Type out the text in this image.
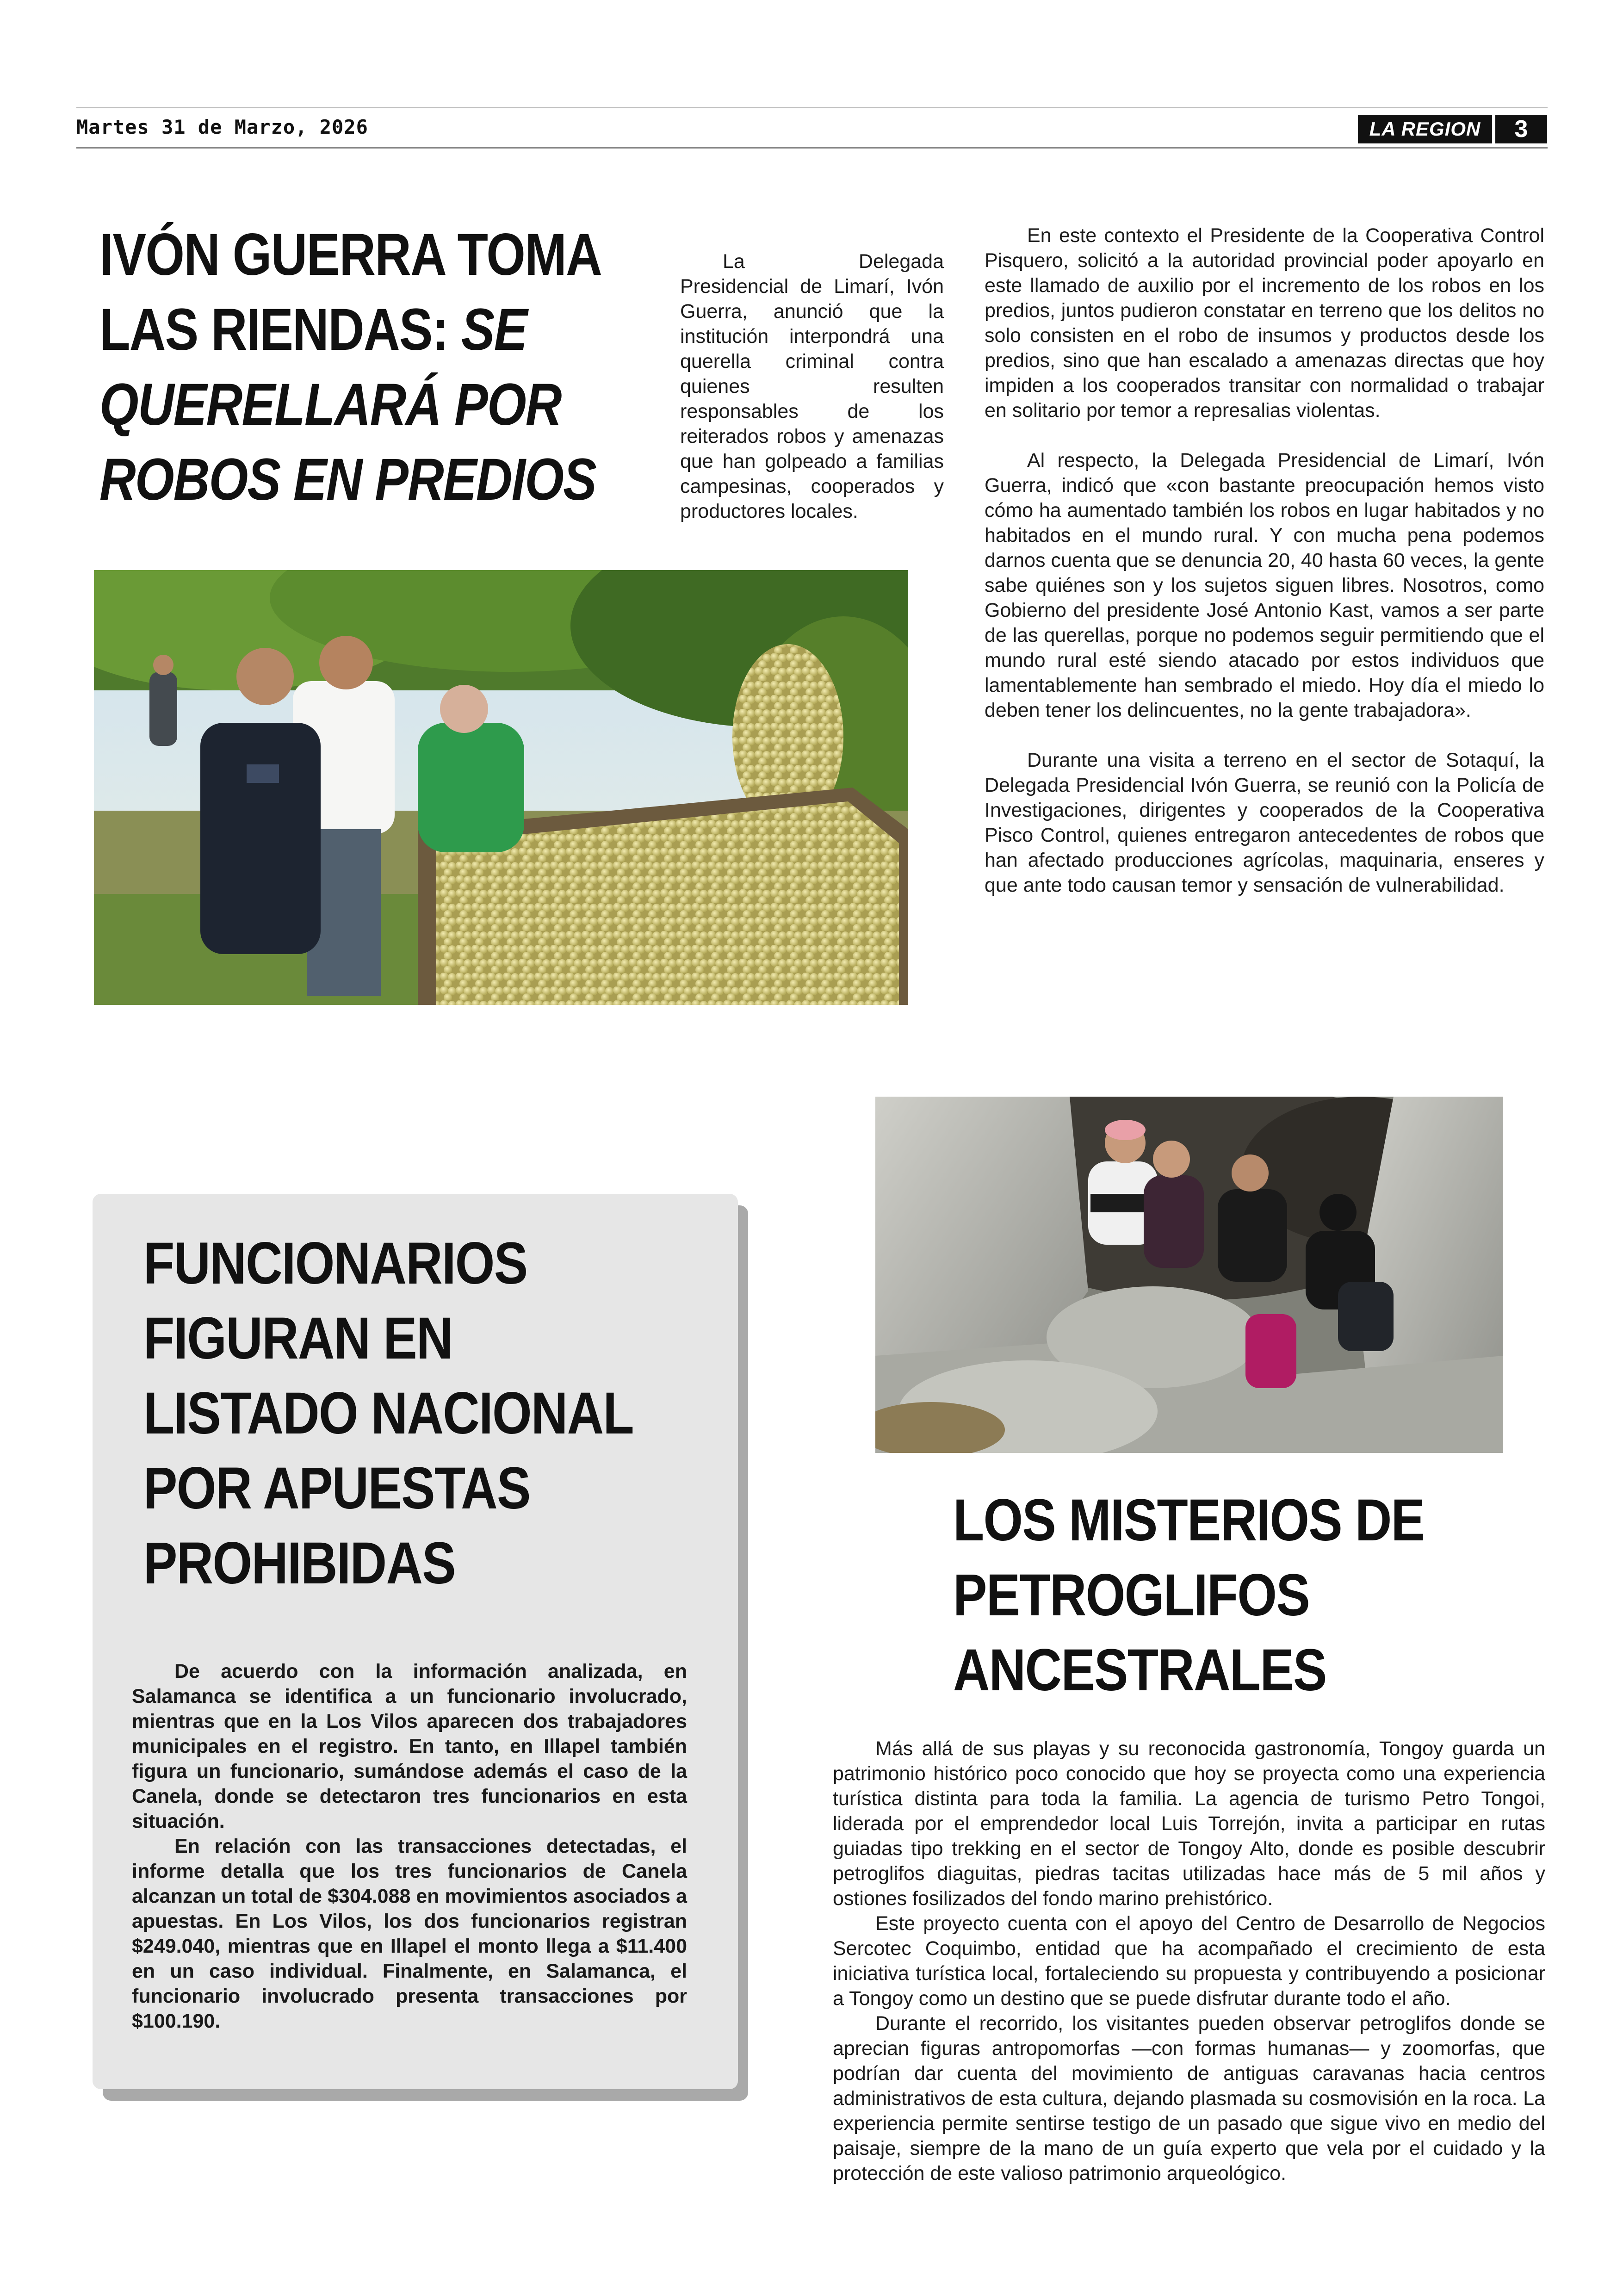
Martes 31 de Marzo, 2026	LA REGION	3
IVÓN GUERRA TOMA LAS RIENDAS: SE QUERELLARÁ POR ROBOS EN PREDIOS

La Delegada Presidencial de Limarí, Ivón Guerra, anunció que la institución interpondrá una querella criminal contra quienes resulten responsables de los reiterados robos y amenazas que han golpeado a familias campesinas, cooperados y productores locales.

En este contexto el Presidente de la Cooperativa Control Pisquero, solicitó a la autoridad provincial poder apoyarlo en este llamado de auxilio por el incremento de los robos en los predios, juntos pudieron constatar en terreno que los delitos no solo consisten en el robo de insumos y productos desde los predios, sino que han escalado a amenazas directas que hoy impiden a los cooperados transitar con normalidad o trabajar en solitario por temor a represalias violentas.

Al respecto, la Delegada Presidencial de Limarí, Ivón Guerra, indicó que «con bastante preocupación hemos visto cómo ha aumentado también los robos en lugar habitados y no habitados en el mundo rural. Y con mucha pena podemos darnos cuenta que se denuncia 20, 40 hasta 60 veces, la gente sabe quiénes son y los sujetos siguen libres. Nosotros, como Gobierno del presidente José Antonio Kast, vamos a ser parte de las querellas, porque no podemos seguir permitiendo que el mundo rural esté siendo atacado por estos individuos que lamentablemente han sembrado el miedo. Hoy día el miedo lo deben tener los delincuentes, no la gente trabajadora».

Durante una visita a terreno en el sector de Sotaquí, la Delegada Presidencial Ivón Guerra, se reunió con la Policía de Investigaciones, dirigentes y cooperados de la Cooperativa Pisco Control, quienes entregaron antecedentes de robos que han afectado producciones agrícolas, maquinaria, enseres y que ante todo causan temor y sensación de vulnerabilidad.

FUNCIONARIOS FIGURAN EN LISTADO NACIONAL POR APUESTAS PROHIBIDAS

De acuerdo con la información analizada, en Salamanca se identifica a un funcionario involucrado, mientras que en la Los Vilos aparecen dos trabajadores municipales en el registro. En tanto, en Illapel también figura un funcionario, sumándose además el caso de la Canela, donde se detectaron tres funcionarios en esta situación.

En relación con las transacciones detectadas, el informe detalla que los tres funcionarios de Canela alcanzan un total de $304.088 en movimientos asociados a apuestas. En Los Vilos, los dos funcionarios registran $249.040, mientras que en Illapel el monto llega a $11.400 en un caso individual. Finalmente, en Salamanca, el funcionario involucrado presenta transacciones por $100.190.

LOS MISTERIOS DE PETROGLIFOS ANCESTRALES

Más allá de sus playas y su reconocida gastronomía, Tongoy guarda un patrimonio histórico poco conocido que hoy se proyecta como una experiencia turística distinta para toda la familia. La agencia de turismo Petro Tongoi, liderada por el emprendedor local Luis Torrejón, invita a participar en rutas guiadas tipo trekking en el sector de Tongoy Alto, donde es posible descubrir petroglifos diaguitas, piedras tacitas utilizadas hace más de 5 mil años y ostiones fosilizados del fondo marino prehistórico.

Este proyecto cuenta con el apoyo del Centro de Desarrollo de Negocios Sercotec Coquimbo, entidad que ha acompañado el crecimiento de esta iniciativa turística local, fortaleciendo su propuesta y contribuyendo a posicionar a Tongoy como un destino que se puede disfrutar durante todo el año.

Durante el recorrido, los visitantes pueden observar petroglifos donde se aprecian figuras antropomorfas —con formas humanas— y zoomorfas, que podrían dar cuenta del movimiento de antiguas caravanas hacia centros administrativos de esta cultura, dejando plasmada su cosmovisión en la roca. La experiencia permite sentirse testigo de un pasado que sigue vivo en medio del paisaje, siempre de la mano de un guía experto que vela por el cuidado y la protección de este valioso patrimonio arqueológico.
